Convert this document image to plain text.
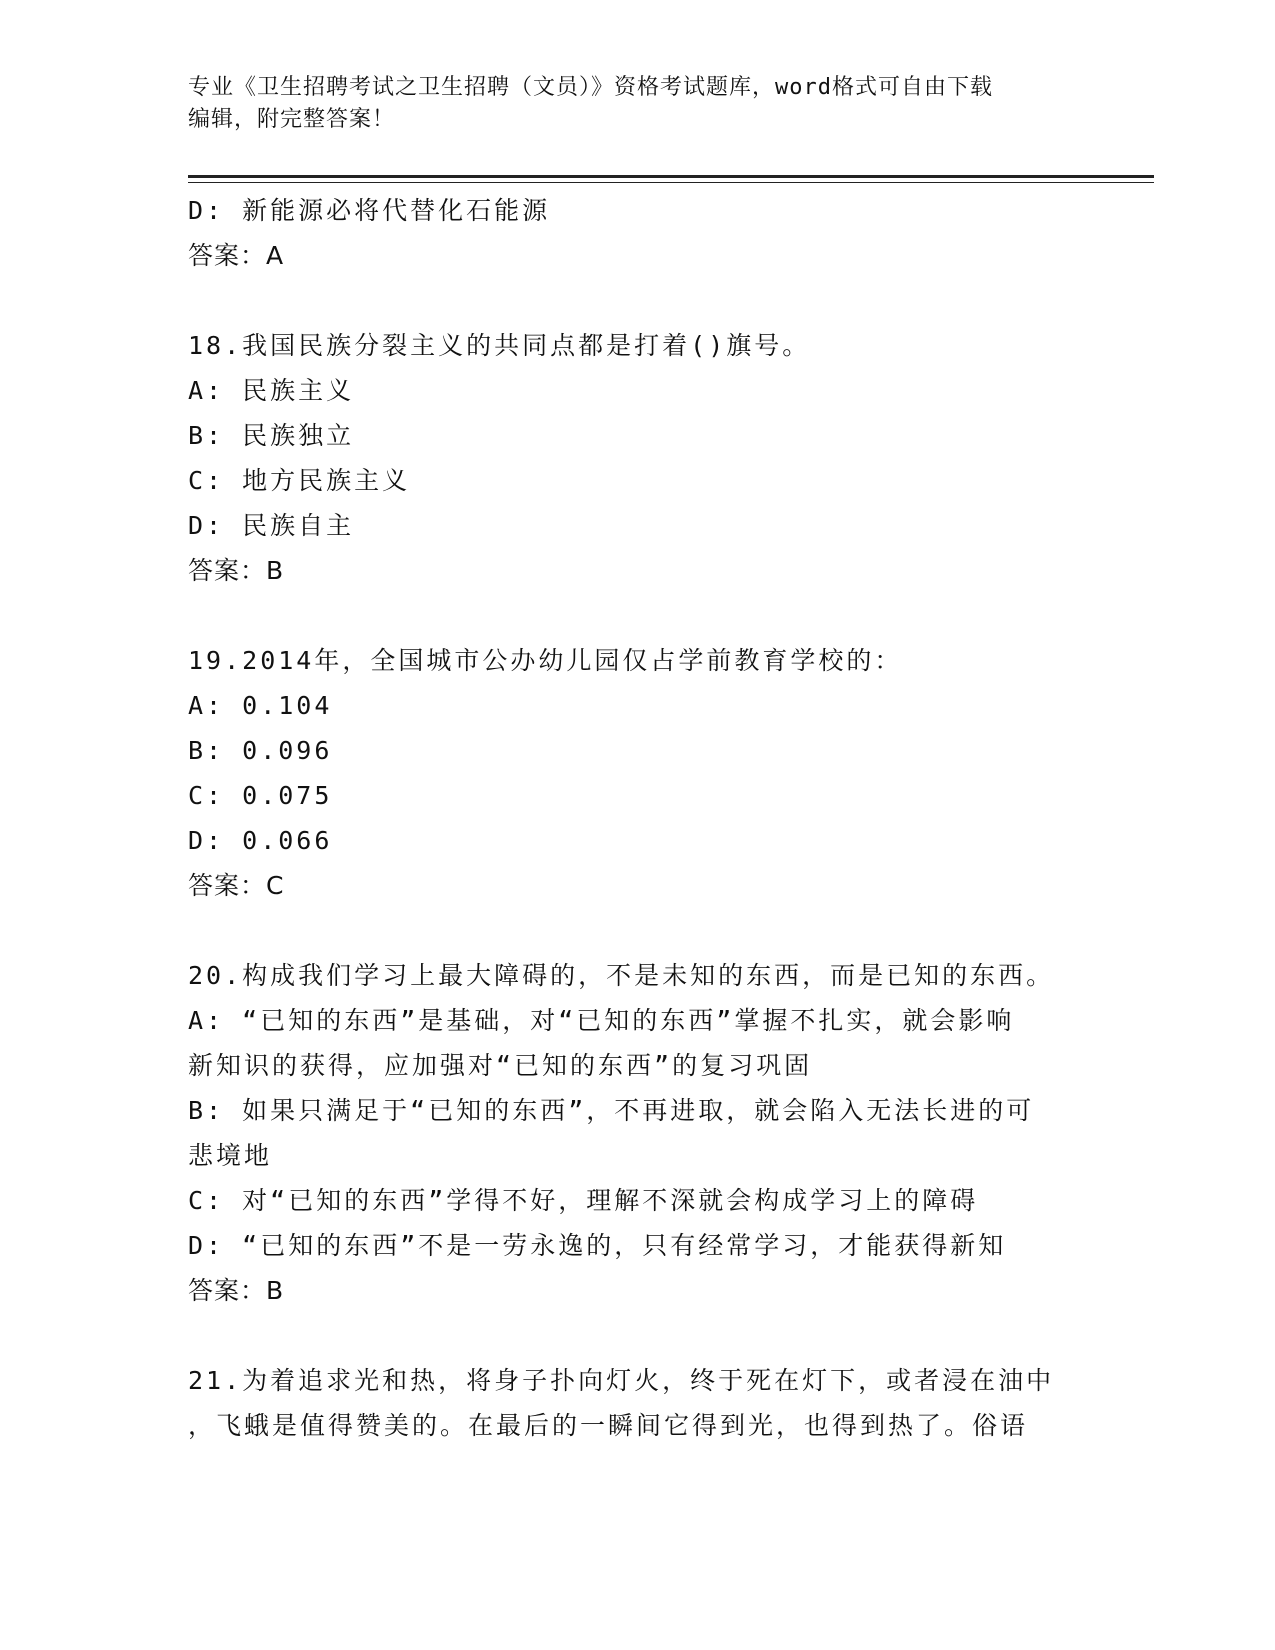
专业《卫生招聘考试之卫生招聘（文员）》资格考试题库，word格式可自由下载
编辑，附完整答案！
D: 新能源必将代替化石能源
答案：A
18.我国民族分裂主义的共同点都是打着()旗号。
A: 民族主义
B: 民族独立
C: 地方民族主义
D: 民族自主
答案：B
19.2014年，全国城市公办幼儿园仅占学前教育学校的：
A: 0.104
B: 0.096
C: 0.075
D: 0.066
答案：C
20.构成我们学习上最大障碍的，不是未知的东西，而是已知的东西。
A: “已知的东西”是基础，对“已知的东西”掌握不扎实，就会影响
新知识的获得，应加强对“已知的东西”的复习巩固
B: 如果只满足于“已知的东西”，不再进取，就会陷入无法长进的可
悲境地
C: 对“已知的东西”学得不好，理解不深就会构成学习上的障碍
D: “已知的东西”不是一劳永逸的，只有经常学习，才能获得新知
答案：B
21.为着追求光和热，将身子扑向灯火，终于死在灯下，或者浸在油中
，飞蛾是值得赞美的。在最后的一瞬间它得到光，也得到热了。俗语
